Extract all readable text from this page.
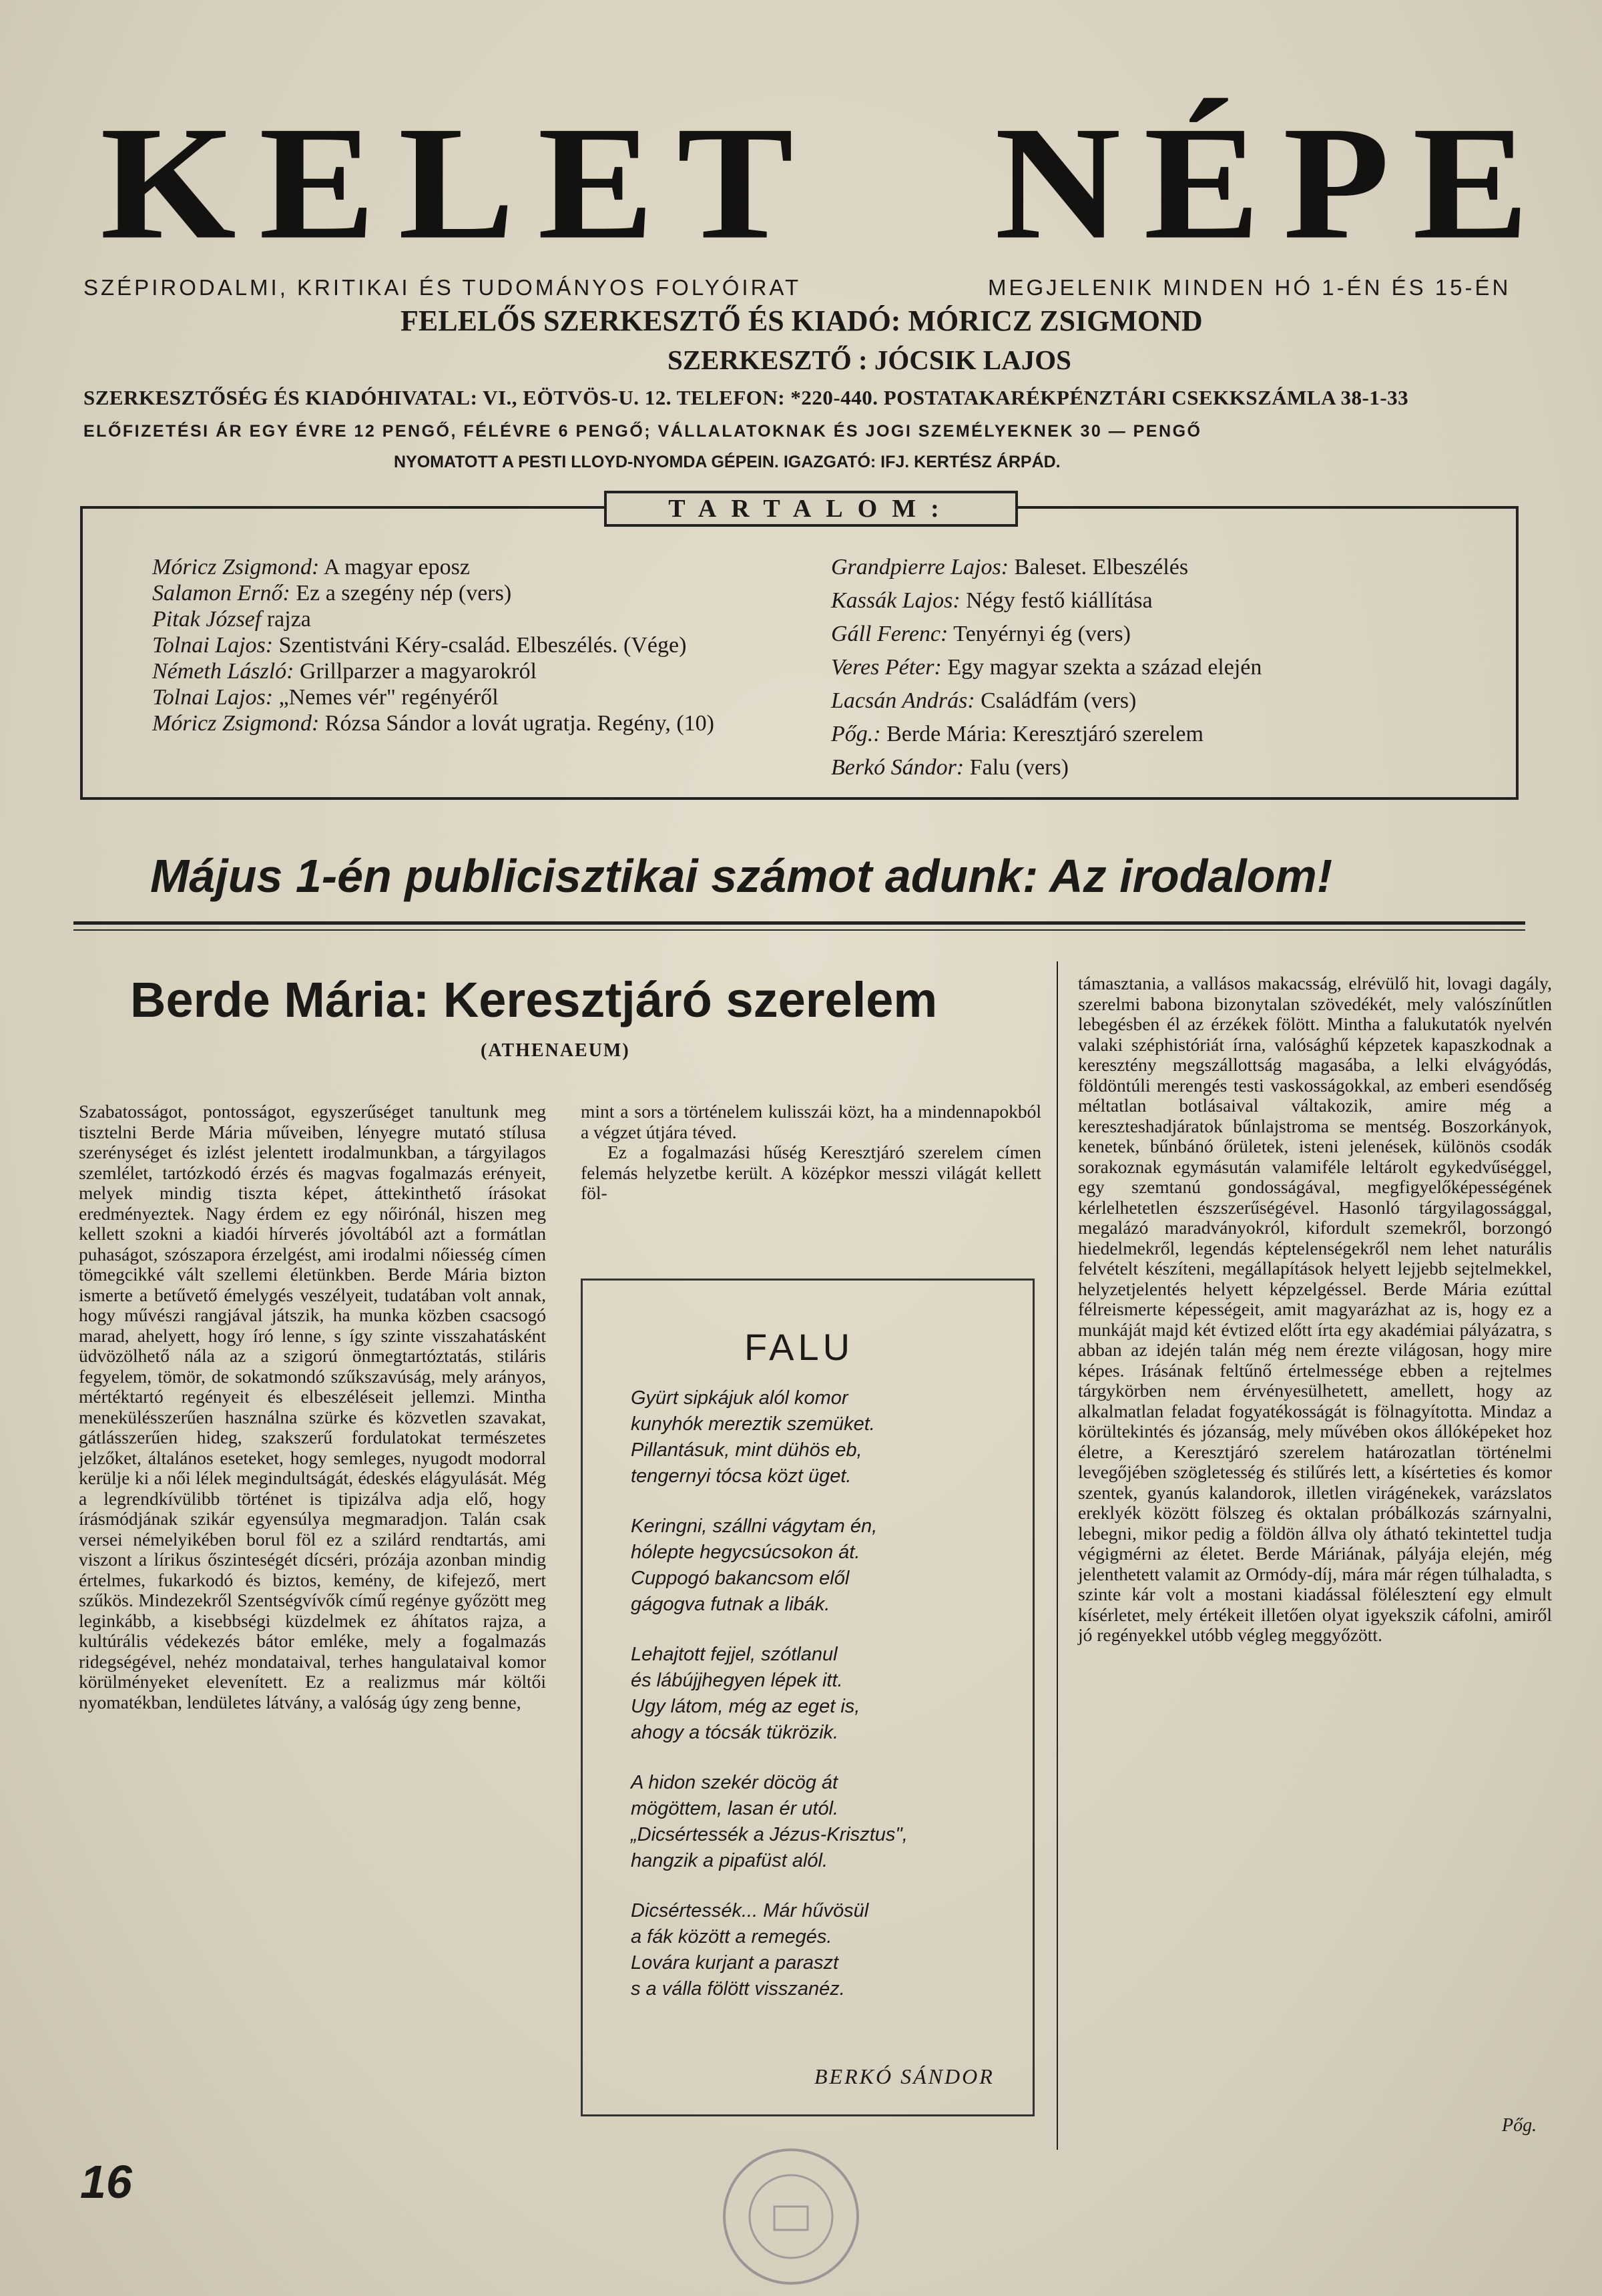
KELET NÉPE
SZÉPIRODALMI, KRITIKAI ÉS TUDOMÁNYOS FOLYÓIRAT	MEGJELENIK MINDEN HÓ 1-ÉN ÉS 15-ÉN
FELELŐS SZERKESZTŐ ÉS KIADÓ: MÓRICZ ZSIGMOND
SZERKESZTŐ : JÓCSIK LAJOS
SZERKESZTŐSÉG ÉS KIADÓHIVATAL: VI., EÖTVÖS-U. 12. TELEFON: *220-440. POSTATAKARÉKPÉNZTÁRI CSEKKSZÁMLA 38-1-33
ELŐFIZETÉSI ÁR EGY ÉVRE 12 PENGŐ, FÉLÉVRE 6 PENGŐ; VÁLLALATOKNAK ÉS JOGI SZEMÉLYEKNEK 30 — PENGŐ
NYOMATOTT A PESTI LLOYD-NYOMDA GÉPEIN. IGAZGATÓ: IFJ. KERTÉSZ ÁRPÁD.
TARTALOM:
Móricz Zsigmond: A magyar eposz
Salamon Ernő: Ez a szegény nép (vers)
Pitak József rajza
Tolnai Lajos: Szentistváni Kéry-család. Elbeszélés. (Vége)
Németh László: Grillparzer a magyarokról
Tolnai Lajos: „Nemes vér" regényéről
Móricz Zsigmond: Rózsa Sándor a lovát ugratja. Regény, (10)
Grandpierre Lajos: Baleset. Elbeszélés
Kassák Lajos: Négy festő kiállítása
Gáll Ferenc: Tenyérnyi ég (vers)
Veres Péter: Egy magyar szekta a század elején
Lacsán András: Családfám (vers)
Pőg.: Berde Mária: Keresztjáró szerelem
Berkó Sándor: Falu (vers)
Május 1-én publicisztikai számot adunk: Az irodalom!
Berde Mária: Keresztjáró szerelem
(ATHENAEUM)

Szabatosságot, pontosságot, egyszerűséget tanultunk meg tisztelni Berde Mária műveiben, lényegre mutató stílusa szerénységet és izlést jelentett irodalmunkban, a tárgyilagos szemlélet, tartózkodó érzés és magvas fogalmazás erényeit, melyek mindig tiszta képet, áttekinthető írásokat eredményeztek. Nagy érdem ez egy nőirónál, hiszen meg kellett szokni a kiadói hírverés jóvoltából azt a formátlan puhaságot, szószaporа érzelgést, ami irodalmi nőiesség címen tömegcikké vált szellemi életünkben. Berde Mária bizton ismerte a betűvető émelygés veszélyeit, tudatában volt annak, hogy művészi rangjával játszik, ha munka közben csacsogó marad, ahelyett, hogy író lenne, s így szinte visszahatásként üdvözölhető nála az a szigorú önmegtartóztatás, stiláris fegyelem, tömör, de sokatmondó szűkszavúság, mely arányos, mértéktartó regényeit és elbeszéléseit jellemzi. Mintha menekülésszerűen használna szürke és közvetlen szavakat, gátlásszerűen hideg, szakszerű fordulatokat természetes jelzőket, általános eseteket, hogy semleges, nyugodt modorral kerülje ki a női lélek megindultságát, édeskés elágyulását. Még a legrendkívülibb történet is tipizálva adja elő, hogy írásmódjának szikár egyensúlya megmaradjon. Talán csak versei némelyikében borul föl ez a szilárd rendtartás, ami viszont a lírikus őszinteségét dícséri, prózája azonban mindig értelmes, fukarkodó és biztos, kemény, de kifejező, mert szűkös. Mindezekről Szentségvívők című regénye győzött meg leginkább, a kisebbségi küzdelmek ez áhítatos rajza, a kultúrális védekezés bátor emléke, mely a fogalmazás ridegségével, nehéz mondataival, terhes hangulataival komor körülményeket elevenített. Ez a realizmus már költői nyomatékban, lendületes látvány, a valóság úgy zeng benne,

mint a sors a történelem kulisszái közt, ha a mindennapokból a végzet útjára téved.

Ez a fogalmazási hűség Keresztjáró szerelem címen felemás helyzetbe került. A középkor messzi világát kellett föl-

FALU
Gyürt sipkájuk alól komor
kunyhók mereztik szemüket.
Pillantásuk, mint dühös eb,
tengernyi tócsa közt üget.
Keringni, szállni vágytam én,
hólepte hegycsúcsokon át.
Cuppogó bakancsom elől
gágogva futnak a libák.
Lehajtott fejjel, szótlanul
és lábújjhegyen lépek itt.
Ugy látom, még az eget is,
ahogy a tócsák tükrözik.
A hidon szekér döcög át
mögöttem, lasan ér utól.
„Dicsértessék a Jézus-Krisztus",
hangzik a pipafüst alól.
Dicsértessék... Már hűvösül
a fák között a remegés.
Lovára kurjant a paraszt
s a válla fölött visszanéz.
BERKÓ SÁNDOR

támasztania, a vallásos makacsság, elrévülő hit, lovagi dagály, szerelmi babona bizonytalan szövedékét, mely valószínűtlen lebegésben él az érzékek fölött. Mintha a falukutatók nyelvén valaki széphistóriát írna, valósághű képzetek kapaszkodnak a keresztény megszállottság magasába, a lelki elvágyódás, földöntúli merengés testi vaskosságokkal, az emberi esendőség méltatlan botlásaival váltakozik, amire még a kereszteshadjáratok bűnlajstroma se mentség. Boszorkányok, kenetek, bűnbánó őrületek, isteni jelenések, különös csodák sorakoznak egymásután valamiféle leltárolt egykedvűséggel, egy szemtanú gondosságával, megfigyelőképességének kérlelhetetlen észszerűségével. Hasonló tárgyilagossággal, megalázó maradványokról, kifordult szemekről, borzongó hiedelmekről, legendás képtelenségekről nem lehet naturális felvételt készíteni, megállapítások helyett lejjebb sejtelmekkel, helyzetjelentés helyett képzelgéssel. Berde Mária ezúttal félreismerte képességeit, amit magyarázhat az is, hogy ez a munkáját majd két évtized előtt írta egy akadémiai pályázatra, s abban az idején talán még nem érezte világosan, hogy mire képes. Irásának feltűnő értelmessége ebben a rejtelmes tárgykörben nem érvényesülhetett, amellett, hogy az alkalmatlan feladat fogyatékosságát is fölnagyította. Mindaz a körültekintés és józanság, mely művében okos állóképeket hoz életre, a Keresztjáró szerelem határozatlan történelmi levegőjében szögletesség és stilűrés lett, a kísérteties és komor szentek, gyanús kalandorok, illetlen virágénekek, varázslatos ereklyék között fölszeg és oktalan próbálkozás szárnyalni, lebegni, mikor pedig a földön állva oly átható tekintettel tudja végigmérni az életet. Berde Máriának, pályája elején, még jelenthetett valamit az Ormódy-díj, mára már régen túlhaladta, s szinte kár volt a mostani kiadással fölélesztení egy elmult kísérletet, mely értékeit illetően olyat igyekszik cáfolni, amiről jó regényekkel utóbb végleg meggyőzött.

Pőg.
16
